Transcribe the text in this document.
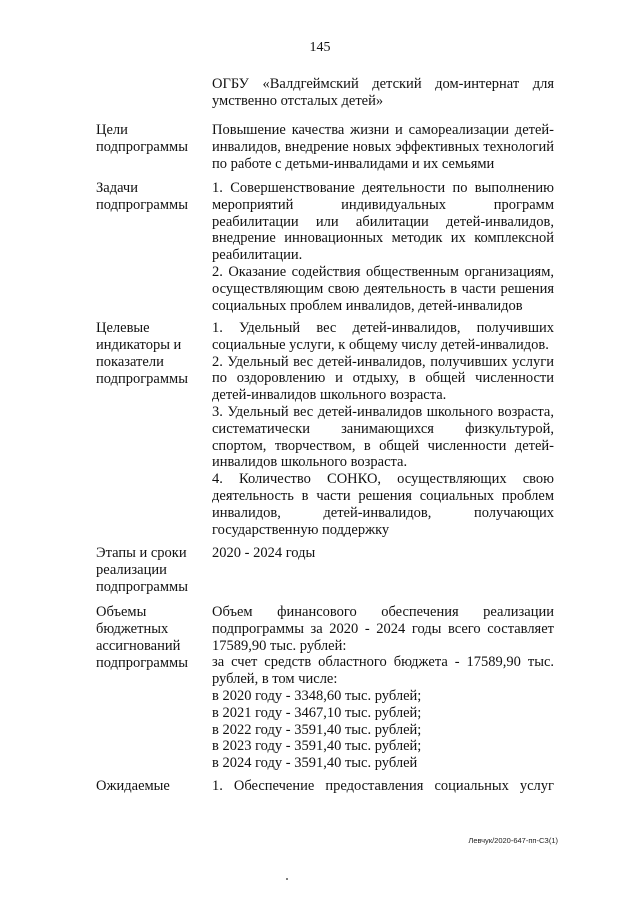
145

ОГБУ «Валдгеймский детский дом-интернат для умственно отсталых детей»

Цели подпрограммы

Повышение качества жизни и самореализации детей-инвалидов, внедрение новых эффективных технологий по работе с детьми-инвалидами и их семьями

Задачи подпрограммы

1. Совершенствование деятельности по выполнению мероприятий индивидуальных программ реабилитации или абилитации детей-инвалидов, внедрение инновационных методик их комплексной реабилитации.

2. Оказание содействия общественным организациям, осуществляющим свою деятельность в части решения социальных проблем инвалидов, детей-инвалидов

Целевые индикаторы и показатели подпрограммы

1. Удельный вес детей-инвалидов, получивших социальные услуги, к общему числу детей-инвалидов.

2. Удельный вес детей-инвалидов, получивших услуги по оздоровлению и отдыху, в общей численности детей-инвалидов школьного возраста.

3. Удельный вес детей-инвалидов школьного возраста, систематически занимающихся физкультурой, спортом, творчеством, в общей численности детей-инвалидов школьного возраста.

4. Количество СОНКО, осуществляющих свою деятельность в части решения социальных проблем инвалидов, детей-инвалидов, получающих государственную поддержку

Этапы и сроки реализации подпрограммы

2020 - 2024 годы

Объемы бюджетных ассигнований подпрограммы

Объем финансового обеспечения реализации подпрограммы за 2020 - 2024 годы всего составляет 17589,90 тыс. рублей:

за счет средств областного бюджета - 17589,90 тыс. рублей, в том числе:

в 2020 году - 3348,60 тыс. рублей;

в 2021 году - 3467,10 тыс. рублей;

в 2022 году - 3591,40 тыс. рублей;

в 2023 году - 3591,40 тыс. рублей;

в 2024 году - 3591,40 тыс. рублей

Ожидаемые	1. Обеспечение предоставления социальных услуг

Левчук/2020-647-пп-СЗ(1)
